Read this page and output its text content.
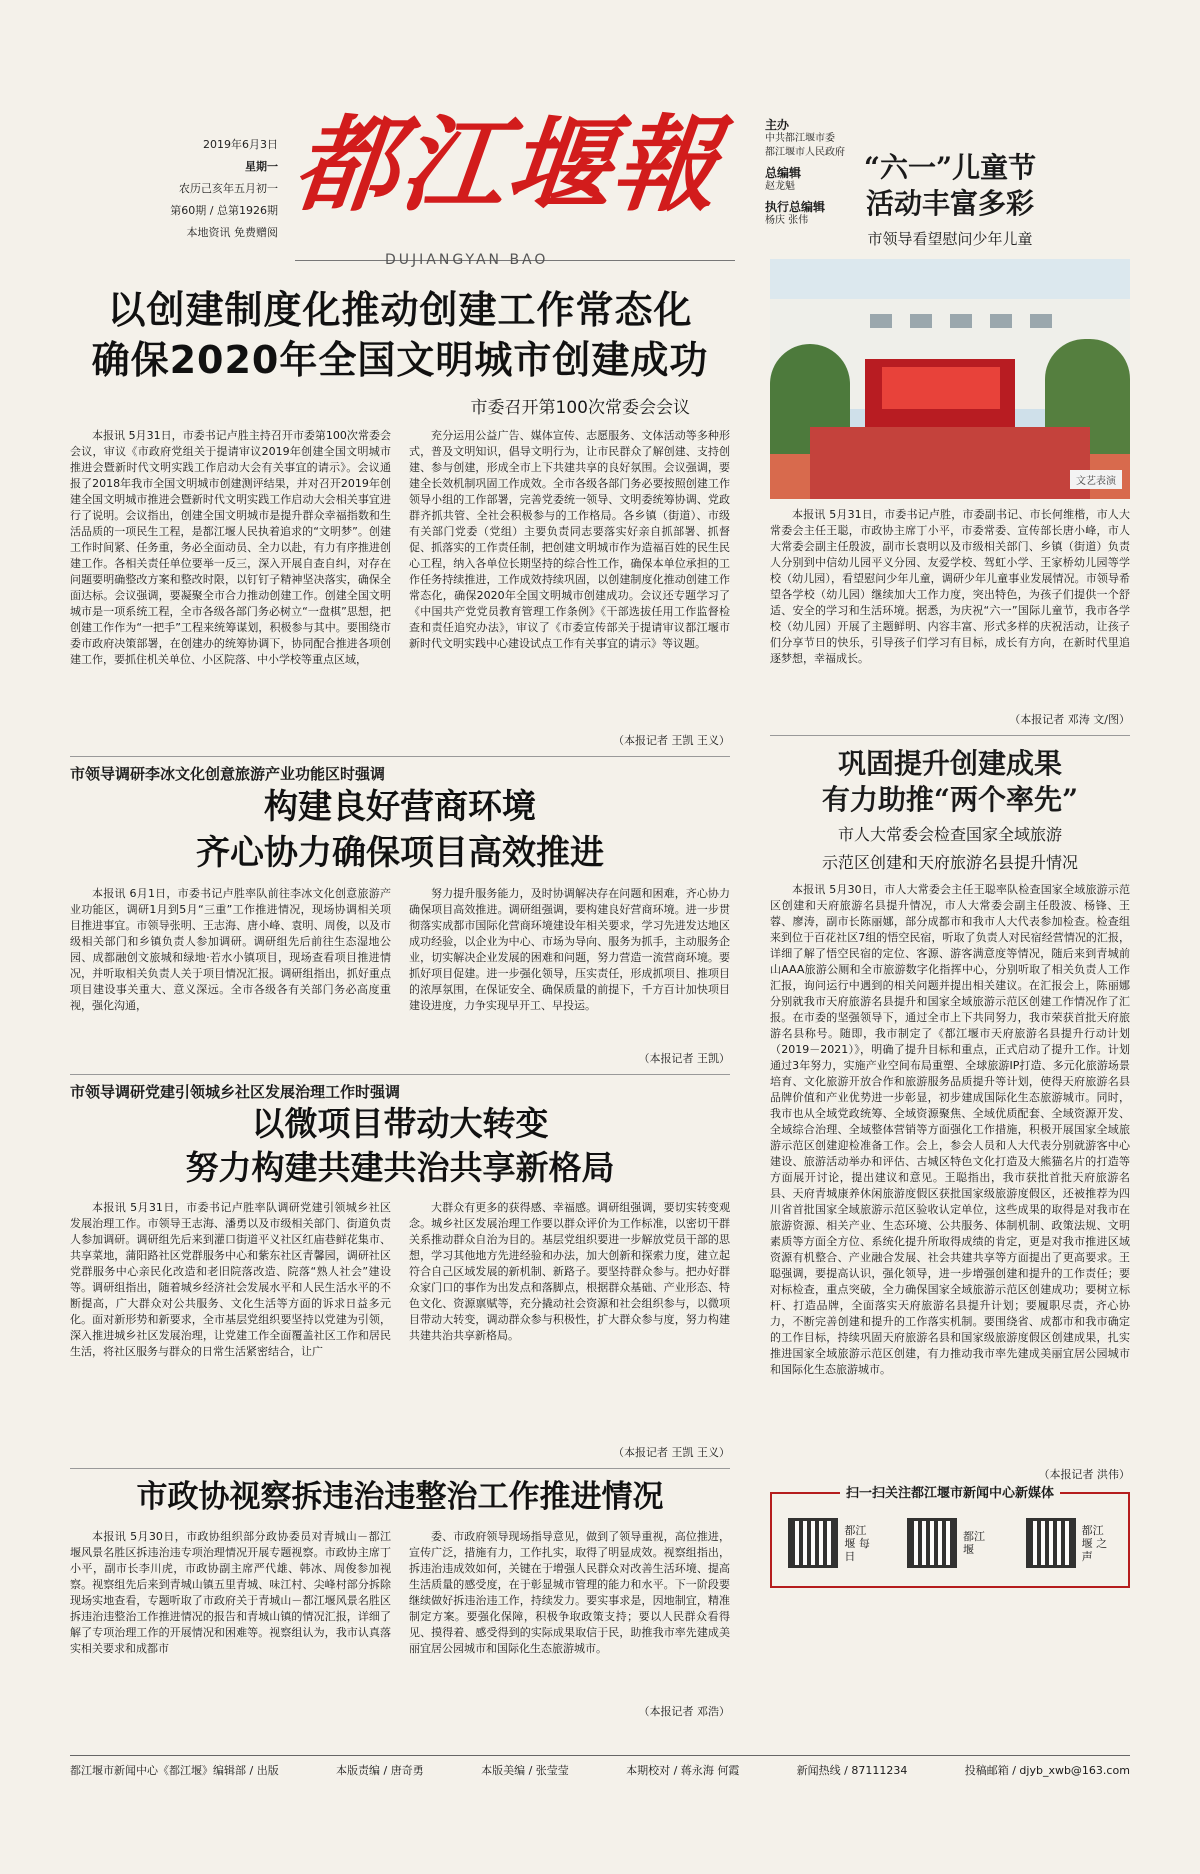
2019年6月3日
星期一
农历己亥年五月初一
第60期 / 总第1926期
本地资讯 免费赠阅
都江堰報
DUJIANGYAN BAO
主办
中共都江堰市委
都江堰市人民政府
总编辑
赵龙魁
执行总编辑
杨庆 张伟
以创建制度化推动创建工作常态化
确保2020年全国文明城市创建成功
市委召开第100次常委会会议

本报讯 5月31日，市委书记卢胜主持召开市委第100次常委会会议，审议《市政府党组关于提请审议2019年创建全国文明城市推进会暨新时代文明实践工作启动大会有关事宜的请示》。会议通报了2018年我市全国文明城市创建测评结果，并对召开2019年创建全国文明城市推进会暨新时代文明实践工作启动大会相关事宜进行了说明。会议指出，创建全国文明城市是提升群众幸福指数和生活品质的一项民生工程，是都江堰人民执着追求的“文明梦”。创建工作时间紧、任务重，务必全面动员、全力以赴，有力有序推进创建工作。各相关责任单位要举一反三，深入开展自查自纠，对存在问题要明确整改方案和整改时限，以钉钉子精神坚决落实，确保全面达标。会议强调，要凝聚全市合力推动创建工作。创建全国文明城市是一项系统工程，全市各级各部门务必树立“一盘棋”思想，把创建工作作为“一把手”工程来统筹谋划，积极参与其中。要围绕市委市政府决策部署，在创建办的统筹协调下，协同配合推进各项创建工作，要抓住机关单位、小区院落、中小学校等重点区域，

充分运用公益广告、媒体宣传、志愿服务、文体活动等多种形式，普及文明知识，倡导文明行为，让市民群众了解创建、支持创建、参与创建，形成全市上下共建共享的良好氛围。会议强调，要建全长效机制巩固工作成效。全市各级各部门务必要按照创建工作领导小组的工作部署，完善党委统一领导、文明委统筹协调、党政群齐抓共管、全社会积极参与的工作格局。各乡镇（街道）、市级有关部门党委（党组）主要负责同志要落实好亲自抓部署、抓督促、抓落实的工作责任制，把创建文明城市作为造福百姓的民生民心工程，纳入各单位长期坚持的综合性工作，确保本单位承担的工作任务持续推进，工作成效持续巩固，以创建制度化推动创建工作常态化，确保2020年全国文明城市创建成功。会议还专题学习了《中国共产党党员教育管理工作条例》《干部选拔任用工作监督检查和责任追究办法》，审议了《市委宣传部关于提请审议都江堰市新时代文明实践中心建设试点工作有关事宜的请示》等议题。

（本报记者 王凯 王义）
市领导调研李冰文化创意旅游产业功能区时强调
构建良好营商环境
齐心协力确保项目高效推进

本报讯 6月1日，市委书记卢胜率队前往李冰文化创意旅游产业功能区，调研1月到5月“三重”工作推进情况，现场协调相关项目推进事宜。市领导张明、王志海、唐小峰、袁明、周俊，以及市级相关部门和乡镇负责人参加调研。调研组先后前往生态湿地公园、成都融创文旅城和绿地·若水小镇项目，现场查看项目推进情况，并听取相关负责人关于项目情况汇报。调研组指出，抓好重点项目建设事关重大、意义深远。全市各级各有关部门务必高度重视，强化沟通，

努力提升服务能力，及时协调解决存在问题和困难，齐心协力确保项目高效推进。调研组强调，要构建良好营商环境。进一步贯彻落实成都市国际化营商环境建设年相关要求，学习先进发达地区成功经验，以企业为中心、市场为导向、服务为抓手，主动服务企业，切实解决企业发展的困难和问题，努力营造一流营商环境。要抓好项目促建。进一步强化领导，压实责任，形成抓项目、推项目的浓厚氛围，在保证安全、确保质量的前提下，千方百计加快项目建设进度，力争实现早开工、早投运。

（本报记者 王凯）
市领导调研党建引领城乡社区发展治理工作时强调
以微项目带动大转变
努力构建共建共治共享新格局

本报讯 5月31日，市委书记卢胜率队调研党建引领城乡社区发展治理工作。市领导王志海、潘勇以及市级相关部门、街道负责人参加调研。调研组先后来到灌口街道平义社区红庙巷鲜花集市、共享菜地，蒲阳路社区党群服务中心和紫东社区青馨园，调研社区党群服务中心亲民化改造和老旧院落改造、院落“熟人社会”建设等。调研组指出，随着城乡经济社会发展水平和人民生活水平的不断提高，广大群众对公共服务、文化生活等方面的诉求日益多元化。面对新形势和新要求，全市基层党组织要坚持以党建为引领，深入推进城乡社区发展治理，让党建工作全面覆盖社区工作和居民生活，将社区服务与群众的日常生活紧密结合，让广

大群众有更多的获得感、幸福感。调研组强调，要切实转变观念。城乡社区发展治理工作要以群众评价为工作标准，以密切干群关系推动群众自治为目的。基层党组织要进一步解放党员干部的思想，学习其他地方先进经验和办法，加大创新和探索力度，建立起符合自己区域发展的新机制、新路子。要坚持群众参与。把办好群众家门口的事作为出发点和落脚点，根据群众基础、产业形态、特色文化、资源禀赋等，充分撬动社会资源和社会组织参与，以微项目带动大转变，调动群众参与积极性，扩大群众参与度，努力构建共建共治共享新格局。

（本报记者 王凯 王义）
市政协视察拆违治违整治工作推进情况

本报讯 5月30日，市政协组织部分政协委员对青城山－都江堰风景名胜区拆违治违专项治理情况开展专题视察。市政协主席丁小平，副市长李川虎，市政协副主席严代雄、韩冰、周俊参加视察。视察组先后来到青城山镇五里青城、味江村、尖峰村部分拆除现场实地查看，专题听取了市政府关于青城山－都江堰风景名胜区拆违治违整治工作推进情况的报告和青城山镇的情况汇报，详细了解了专项治理工作的开展情况和困难等。视察组认为，我市认真落实相关要求和成都市

委、市政府领导现场指导意见，做到了领导重视，高位推进，宣传广泛，措施有力，工作扎实，取得了明显成效。视察组指出，拆违治违成效如何，关键在于增强人民群众对改善生活环境、提高生活质量的感受度，在于彰显城市管理的能力和水平。下一阶段要继续做好拆违治违工作，持续发力。要实事求是，因地制宜，精准制定方案。要强化保障，积极争取政策支持；要以人民群众看得见、摸得着、感受得到的实际成果取信于民，助推我市率先建成美丽宜居公园城市和国际化生态旅游城市。

（本报记者 邓浩）
“六一”儿童节
活动丰富多彩
市领导看望慰问少年儿童
文艺表演

本报讯 5月31日，市委书记卢胜，市委副书记、市长何维楷，市人大常委会主任王聪，市政协主席丁小平，市委常委、宣传部长唐小峰，市人大常委会副主任殷波，副市长袁明以及市级相关部门、乡镇（街道）负责人分别到中信幼儿园平义分园、友爱学校、驾虹小学、王家桥幼儿园等学校（幼儿园），看望慰问少年儿童，调研少年儿童事业发展情况。市领导希望各学校（幼儿园）继续加大工作力度，突出特色，为孩子们提供一个舒适、安全的学习和生活环境。据悉，为庆祝“六一”国际儿童节，我市各学校（幼儿园）开展了主题鲜明、内容丰富、形式多样的庆祝活动，让孩子们分享节日的快乐，引导孩子们学习有目标，成长有方向，在新时代里追逐梦想，幸福成长。

（本报记者 邓涛 文/图）
巩固提升创建成果
有力助推“两个率先”
市人大常委会检查国家全域旅游
示范区创建和天府旅游名县提升情况

本报讯 5月30日，市人大常委会主任王聪率队检查国家全域旅游示范区创建和天府旅游名县提升情况，市人大常委会副主任殷波、杨锋、王蓉、廖涛，副市长陈丽娜，部分成都市和我市人大代表参加检查。检查组来到位于百花社区7组的悟空民宿，听取了负责人对民宿经营情况的汇报，详细了解了悟空民宿的定位、客源、游客满意度等情况，随后来到青城前山AAA旅游公厕和全市旅游数字化指挥中心，分别听取了相关负责人工作汇报，询问运行中遇到的相关问题并提出相关建议。在汇报会上，陈丽娜分别就我市天府旅游名县提升和国家全域旅游示范区创建工作情况作了汇报。在市委的坚强领导下，通过全市上下共同努力，我市荣获首批天府旅游名县称号。随即，我市制定了《都江堰市天府旅游名县提升行动计划（2019－2021）》，明确了提升目标和重点，正式启动了提升工作。计划通过3年努力，实施产业空间布局重塑、全球旅游IP打造、多元化旅游场景培育、文化旅游开放合作和旅游服务品质提升等计划，使得天府旅游名县品牌价值和产业优势进一步彰显，初步建成国际化生态旅游城市。同时，我市也从全域党政统筹、全域资源聚焦、全域优质配套、全域资源开发、全域综合治理、全域整体营销等方面强化工作措施，积极开展国家全域旅游示范区创建迎检准备工作。会上，参会人员和人大代表分别就游客中心建设、旅游活动举办和评估、古城区特色文化打造及大熊猫名片的打造等方面展开讨论，提出建议和意见。王聪指出，我市获批首批天府旅游名县、天府青城康养休闲旅游度假区获批国家级旅游度假区，还被推荐为四川省首批国家全域旅游示范区验收认定单位，这些成果的取得是对我市在旅游资源、相关产业、生态环境、公共服务、体制机制、政策法规、文明素质等方面全方位、系统化提升所取得成绩的肯定，更是对我市推进区域资源有机整合、产业融合发展、社会共建共享等方面提出了更高要求。王聪强调，要提高认识，强化领导，进一步增强创建和提升的工作责任；要对标检查，重点突破，全力确保国家全域旅游示范区创建成功；要树立标杆、打造品牌，全面落实天府旅游名县提升计划；要履职尽责，齐心协力，不断完善创建和提升的工作落实机制。要围绕省、成都市和我市确定的工作目标，持续巩固天府旅游名县和国家级旅游度假区创建成果，扎实推进国家全域旅游示范区创建，有力推动我市率先建成美丽宜居公园城市和国际化生态旅游城市。

（本报记者 洪伟）
扫一扫关注都江堰市新闻中心新媒体
都江堰 每日
都江堰
都江堰 之声
都江堰市新闻中心《都江堰》编辑部 / 出版	本版责编 / 唐奇勇	本版美编 / 张莹莹	本期校对 / 蒋永海 何霞	新闻热线 / 87111234	投稿邮箱 / djyb_xwb@163.com
